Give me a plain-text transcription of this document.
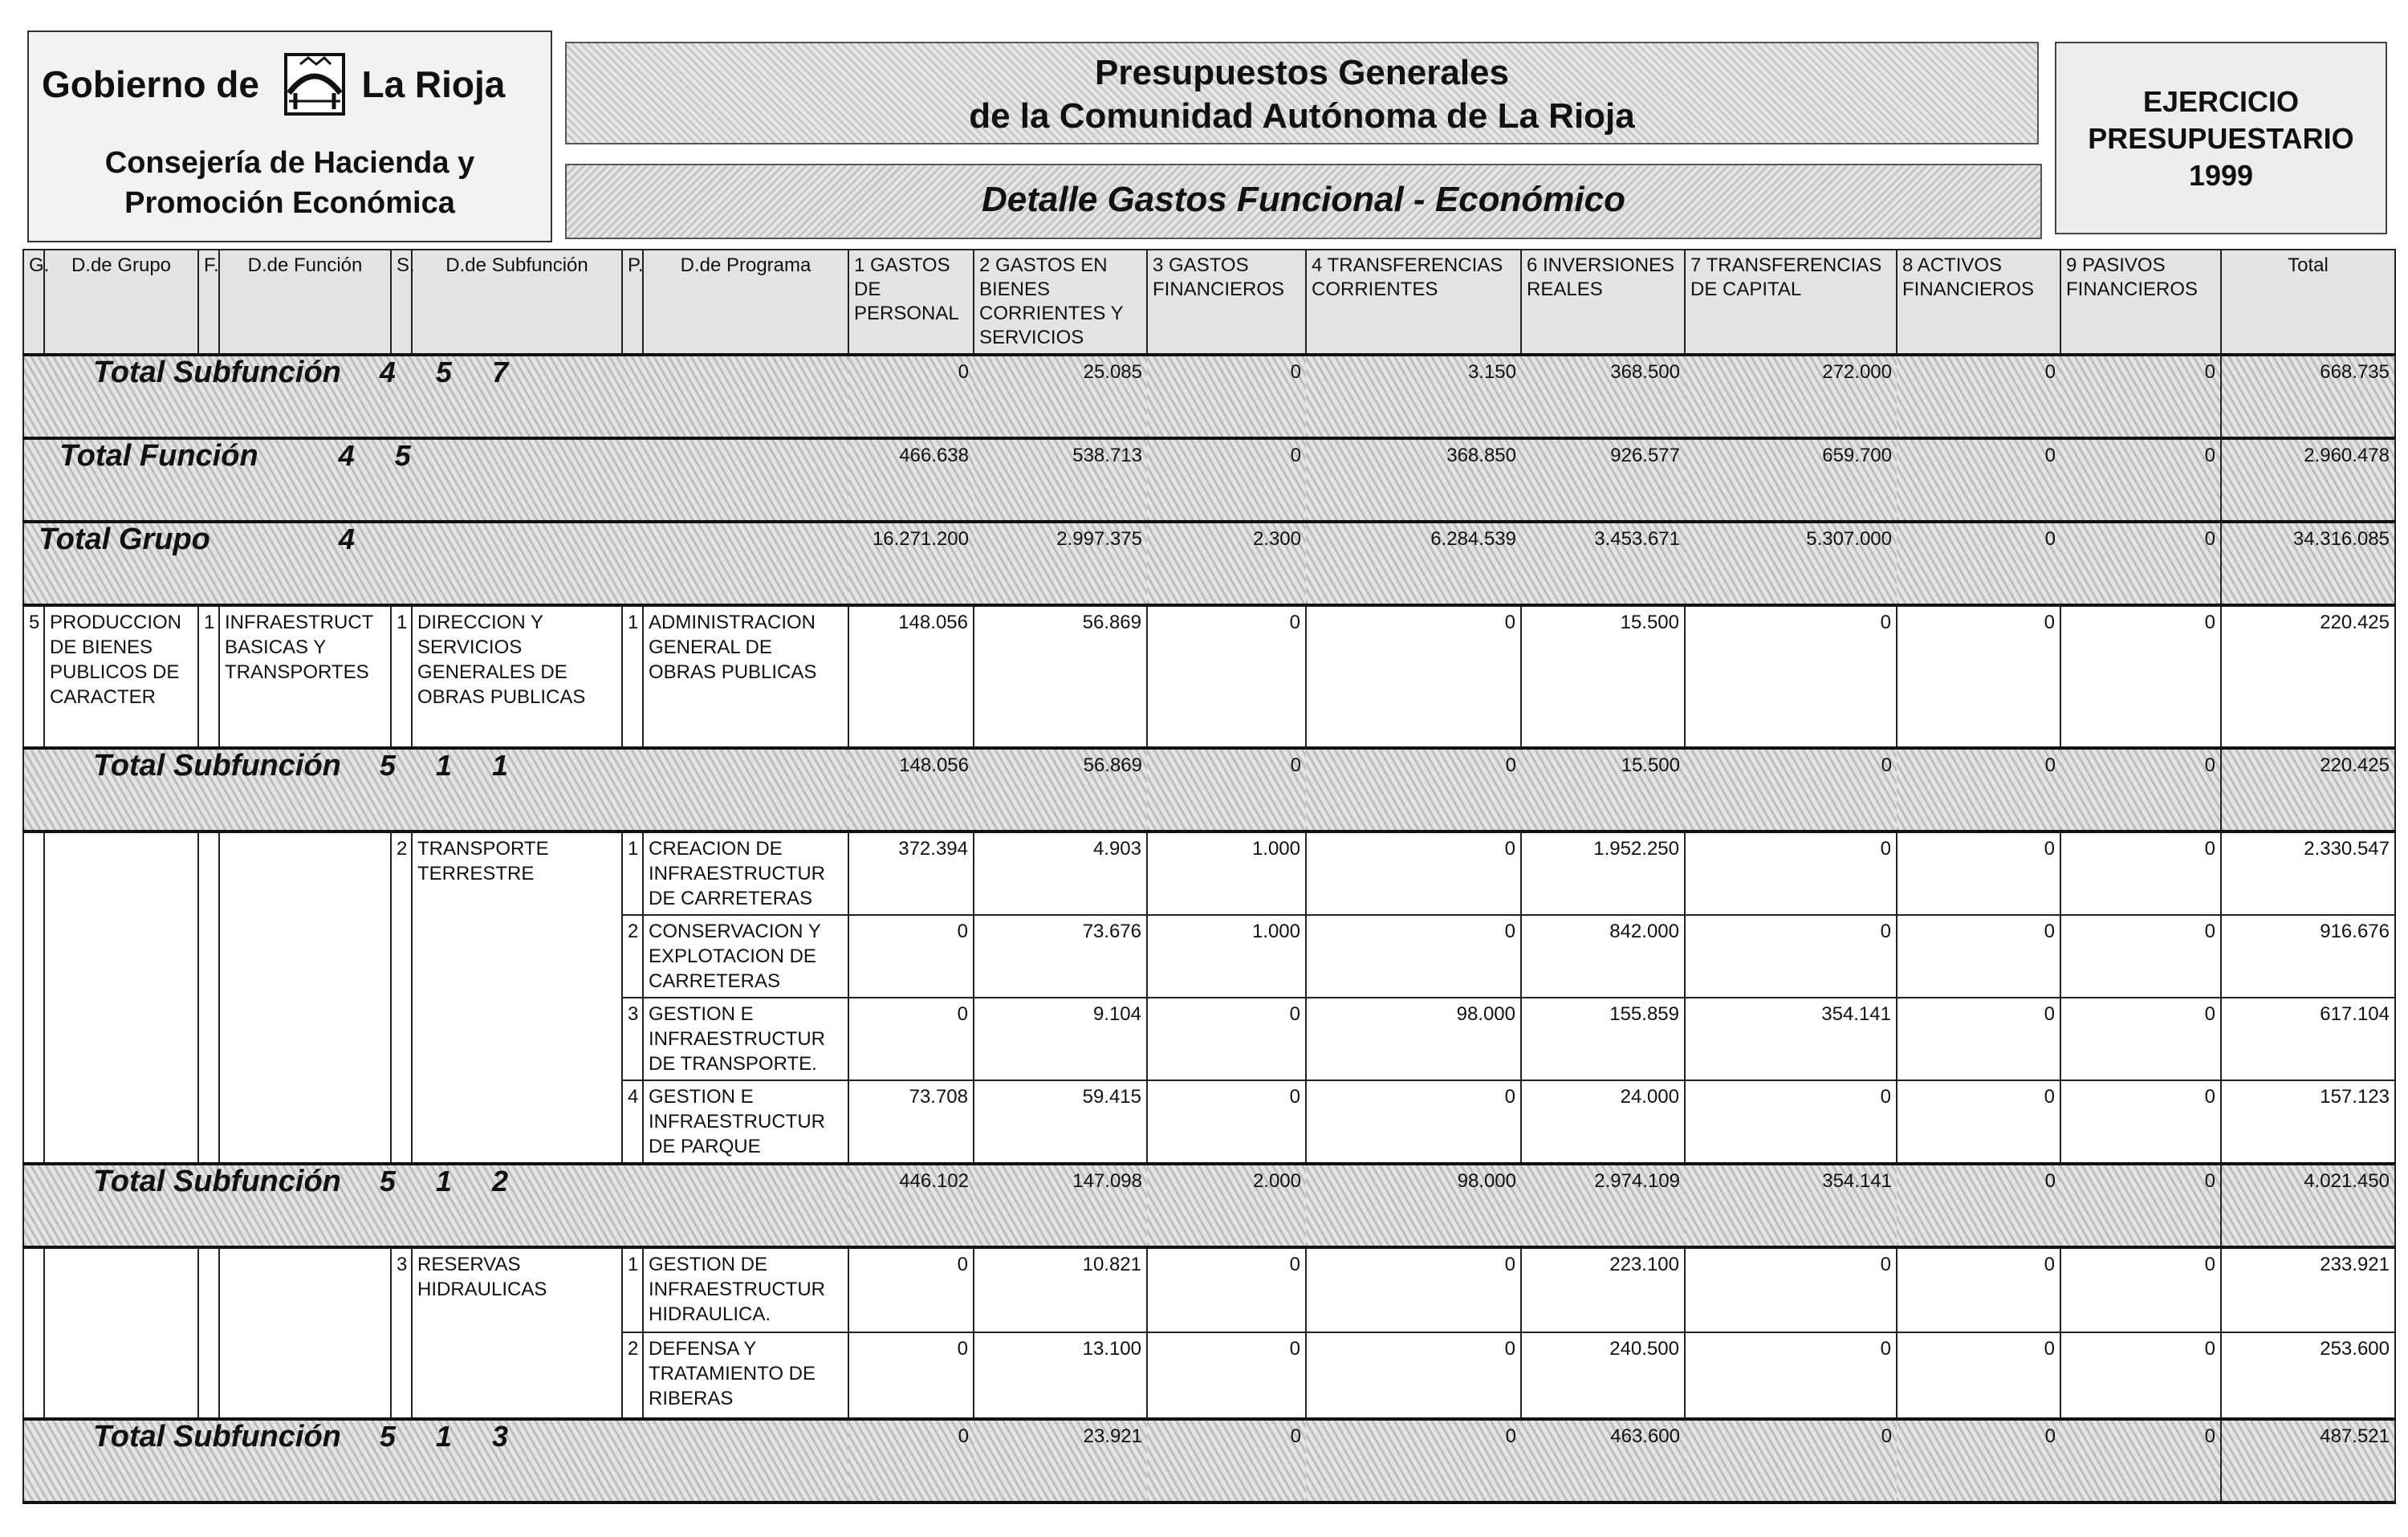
Gobierno de	La Rioja
Consejería de Hacienda y
Promoción Económica
Presupuestos Generales
de la Comunidad Autónoma de La Rioja
Detalle Gastos Funcional - Económico
EJERCICIO
PRESUPUESTARIO
1999
G.	D.de Grupo	F.	D.de Función	S.	D.de Subfunción	P.	D.de Programa	1 GASTOS DE PERSONAL	2 GASTOS EN BIENES CORRIENTES Y SERVICIOS	3 GASTOS FINANCIEROS	4 TRANSFERENCIAS CORRIENTES	6 INVERSIONES REALES	7 TRANSFERENCIAS DE CAPITAL	8 ACTIVOS FINANCIEROS	9 PASIVOS FINANCIEROS	Total
Total Subfunción 4 5 7								0	25.085	0	3.150	368.500	272.000	0	0	668.735
Total Función 4 5								466.638	538.713	0	368.850	926.577	659.700	0	0	2.960.478
Total Grupo 4								16.271.200	2.997.375	2.300	6.284.539	3.453.671	5.307.000	0	0	34.316.085
5	PRODUCCION DE BIENES PUBLICOS DE CARACTER	1	INFRAESTRUCT BASICAS Y TRANSPORTES	1	DIRECCION Y SERVICIOS GENERALES DE OBRAS PUBLICAS	1	ADMINISTRACION GENERAL DE OBRAS PUBLICAS	148.056	56.869	0	0	15.500	0	0	0	220.425
Total Subfunción 5 1 1								148.056	56.869	0	0	15.500	0	0	0	220.425
				2	TRANSPORTE TERRESTRE	1	CREACION DE INFRAESTRUCTUR DE CARRETERAS	372.394	4.903	1.000	0	1.952.250	0	0	0	2.330.547
						2	CONSERVACION Y EXPLOTACION DE CARRETERAS	0	73.676	1.000	0	842.000	0	0	0	916.676
						3	GESTION E INFRAESTRUCTUR DE TRANSPORTE.	0	9.104	0	98.000	155.859	354.141	0	0	617.104
						4	GESTION E INFRAESTRUCTUR DE PARQUE	73.708	59.415	0	0	24.000	0	0	0	157.123
Total Subfunción 5 1 2								446.102	147.098	2.000	98.000	2.974.109	354.141	0	0	4.021.450
				3	RESERVAS HIDRAULICAS	1	GESTION DE INFRAESTRUCTUR HIDRAULICA.	0	10.821	0	0	223.100	0	0	0	233.921
						2	DEFENSA Y TRATAMIENTO DE RIBERAS	0	13.100	0	0	240.500	0	0	0	253.600
Total Subfunción 5 1 3								0	23.921	0	0	463.600	0	0	0	487.521
